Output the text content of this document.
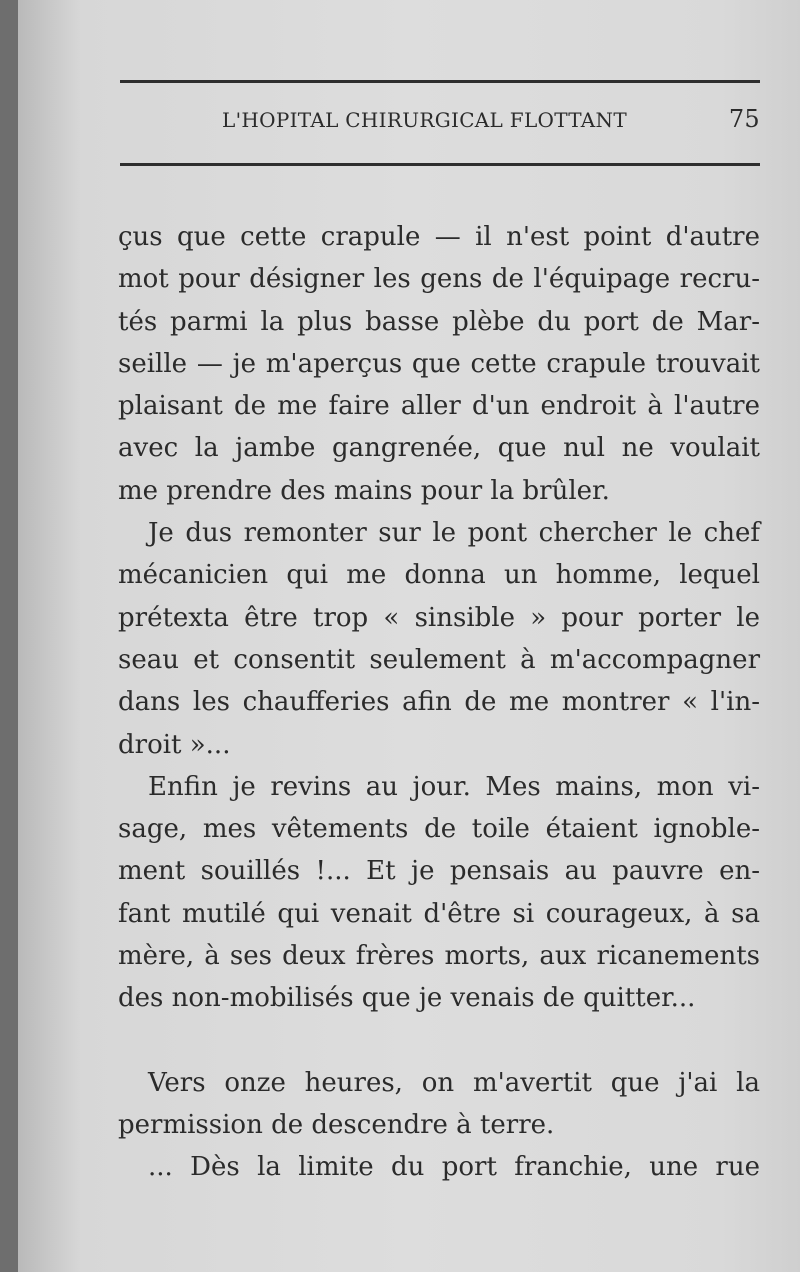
L'HOPITAL CHIRURGICAL FLOTTANT	75
çus que cette crapule — il n'est point d'autre
mot pour désigner les gens de l'équipage recru-
tés parmi la plus basse plèbe du port de Mar-
seille — je m'aperçus que cette crapule trouvait
plaisant de me faire aller d'un endroit à l'autre
avec la jambe gangrenée, que nul ne voulait
me prendre des mains pour la brûler.
Je dus remonter sur le pont chercher le chef
mécanicien qui me donna un homme, lequel
prétexta être trop « sinsible » pour porter le
seau et consentit seulement à m'accompagner
dans les chaufferies afin de me montrer « l'in-
droit »...
Enfin je revins au jour. Mes mains, mon vi-
sage, mes vêtements de toile étaient ignoble-
ment souillés !... Et je pensais au pauvre en-
fant mutilé qui venait d'être si courageux, à sa
mère, à ses deux frères morts, aux ricanements
des non-mobilisés que je venais de quitter...
Vers onze heures, on m'avertit que j'ai la
permission de descendre à terre.
... Dès la limite du port franchie, une rue
